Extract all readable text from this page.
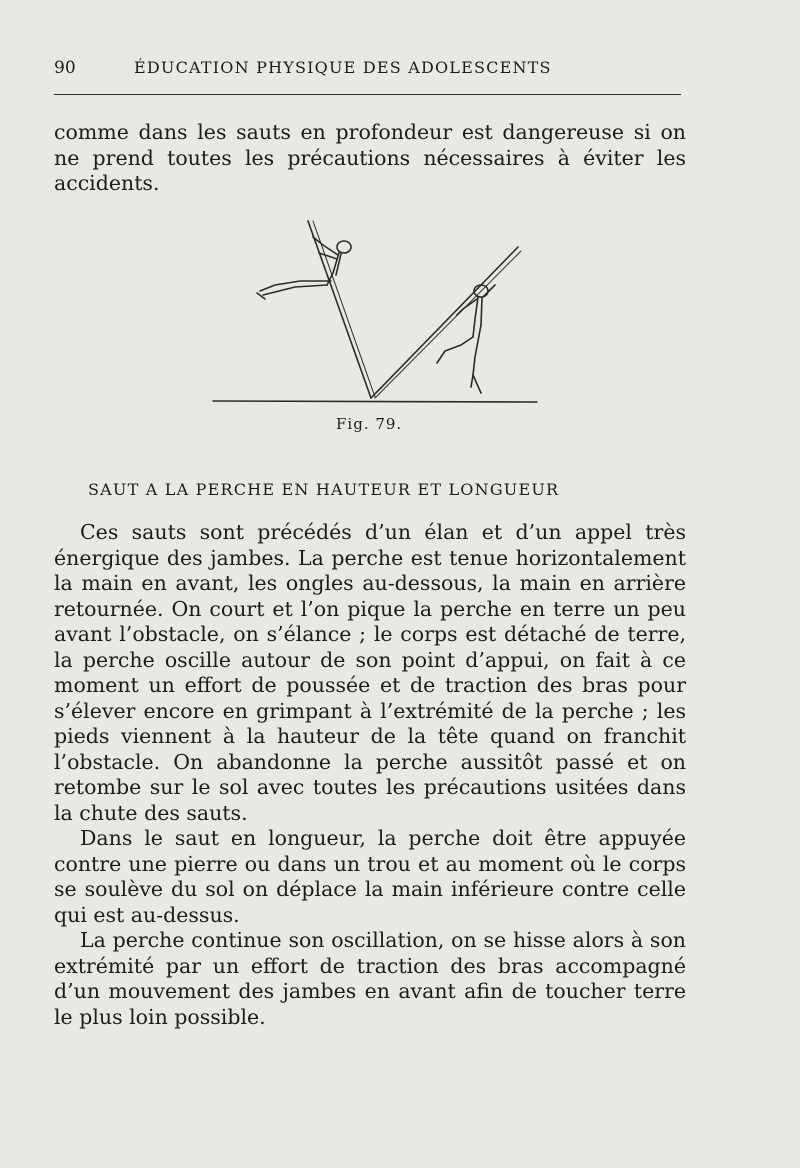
90	ÉDUCATION PHYSIQUE DES ADOLESCENTS

comme dans les sauts en profondeur est dangereuse si on ne prend toutes les précautions nécessaires à éviter les accidents.

Fig. 79.
SAUT A LA PERCHE EN HAUTEUR ET LONGUEUR

Ces sauts sont précédés d’un élan et d’un appel très énergique des jambes. La perche est tenue horizontalement la main en avant, les ongles au-dessous, la main en arrière retournée. On court et l’on pique la perche en terre un peu avant l’obstacle, on s’élance ; le corps est détaché de terre, la perche oscille autour de son point d’appui, on fait à ce moment un effort de poussée et de traction des bras pour s’élever encore en grimpant à l’extrémité de la perche ; les pieds viennent à la hauteur de la tête quand on franchit l’obstacle. On abandonne la perche aussitôt passé et on retombe sur le sol avec toutes les précautions usitées dans la chute des sauts.

Dans le saut en longueur, la perche doit être appuyée contre une pierre ou dans un trou et au moment où le corps se soulève du sol on déplace la main inférieure contre celle qui est au-dessus.

La perche continue son oscillation, on se hisse alors à son extrémité par un effort de traction des bras accompagné d’un mouvement des jambes en avant afin de toucher terre le plus loin possible.
